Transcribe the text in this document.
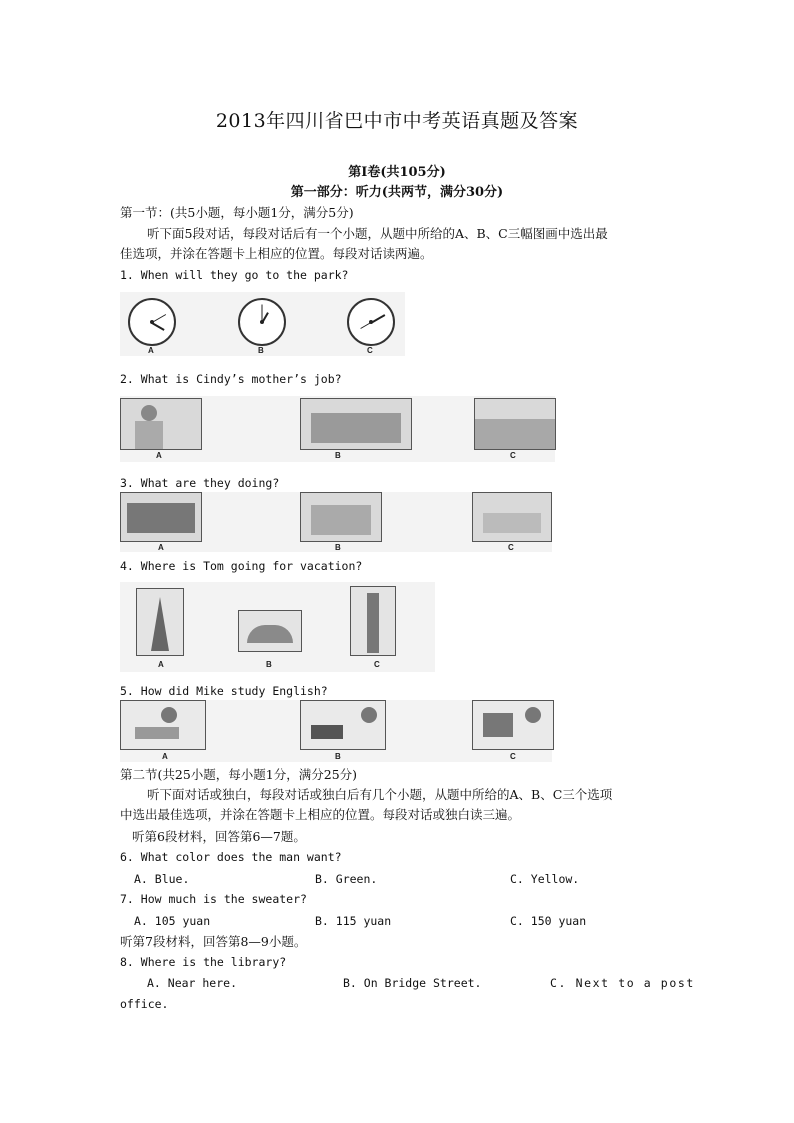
2013年四川省巴中市中考英语真题及答案
第Ⅰ卷(共105分)
第一部分：听力(共两节，满分30分)
第一节：(共5小题，每小题1分，满分5分)
听下面5段对话，每段对话后有一个小题，从题中所给的A、B、C三幅图画中选出最
佳选项，并涂在答题卡上相应的位置。每段对话读两遍。
1. When will they go to the park?
A	B	C
2. What is Cindy’s mother’s job?
A	B	C
3. What are they doing?
A	B	C
4. Where is Tom going for vacation?
A	B	C
5. How did Mike study English?
A	B	C
第二节(共25小题，每小题1分，满分25分)
听下面对话或独白，每段对话或独白后有几个小题，从题中所给的A、B、C三个选项
中选出最佳选项，并涂在答题卡上相应的位置。每段对话或独白读三遍。
听第6段材料，回答第6—7题。
6. What color does the man want?
A. Blue.	B. Green.	C. Yellow.
7. How much is the sweater?
A. 105 yuan	B. 115 yuan	C. 150 yuan
听第7段材料，回答第8—9小题。
8. Where is the library?
A. Near here.	B. On Bridge Street.	C. Next to a post
office.
